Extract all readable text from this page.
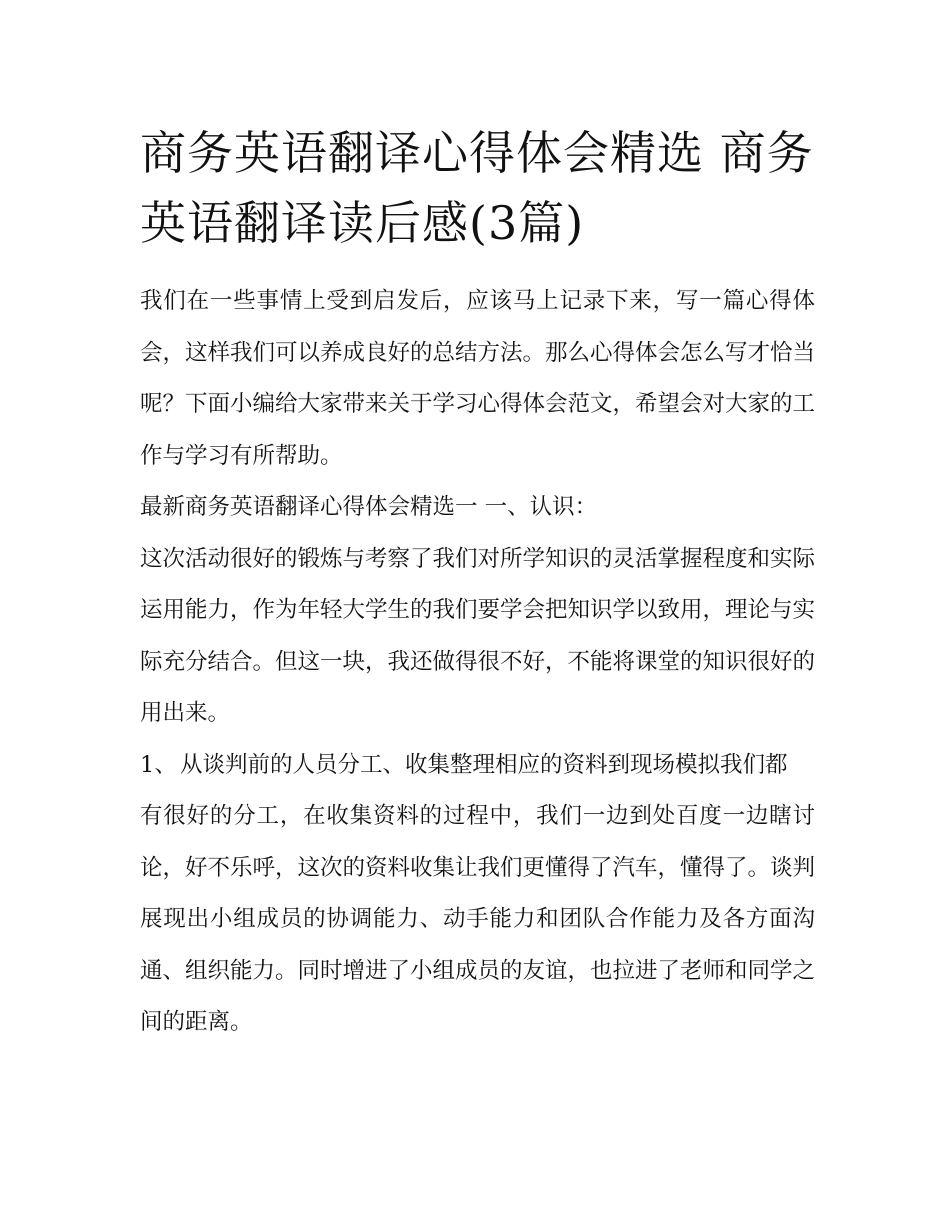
商务英语翻译心得体会精选 商务英语翻译读后感(3篇)

我们在一些事情上受到启发后，应该马上记录下来，写一篇心得体会，这样我们可以养成良好的总结方法。那么心得体会怎么写才恰当呢？下面小编给大家带来关于学习心得体会范文，希望会对大家的工作与学习有所帮助。

最新商务英语翻译心得体会精选一 一、认识：

这次活动很好的锻炼与考察了我们对所学知识的灵活掌握程度和实际运用能力，作为年轻大学生的我们要学会把知识学以致用，理论与实际充分结合。但这一块，我还做得很不好，不能将课堂的知识很好的用出来。

1、 从谈判前的人员分工、收集整理相应的资料到现场模拟我们都

有很好的分工，在收集资料的过程中，我们一边到处百度一边瞎讨论，好不乐呼，这次的资料收集让我们更懂得了汽车，懂得了。谈判展现出小组成员的协调能力、动手能力和团队合作能力及各方面沟通、组织能力。同时增进了小组成员的友谊，也拉进了老师和同学之间的距离。
